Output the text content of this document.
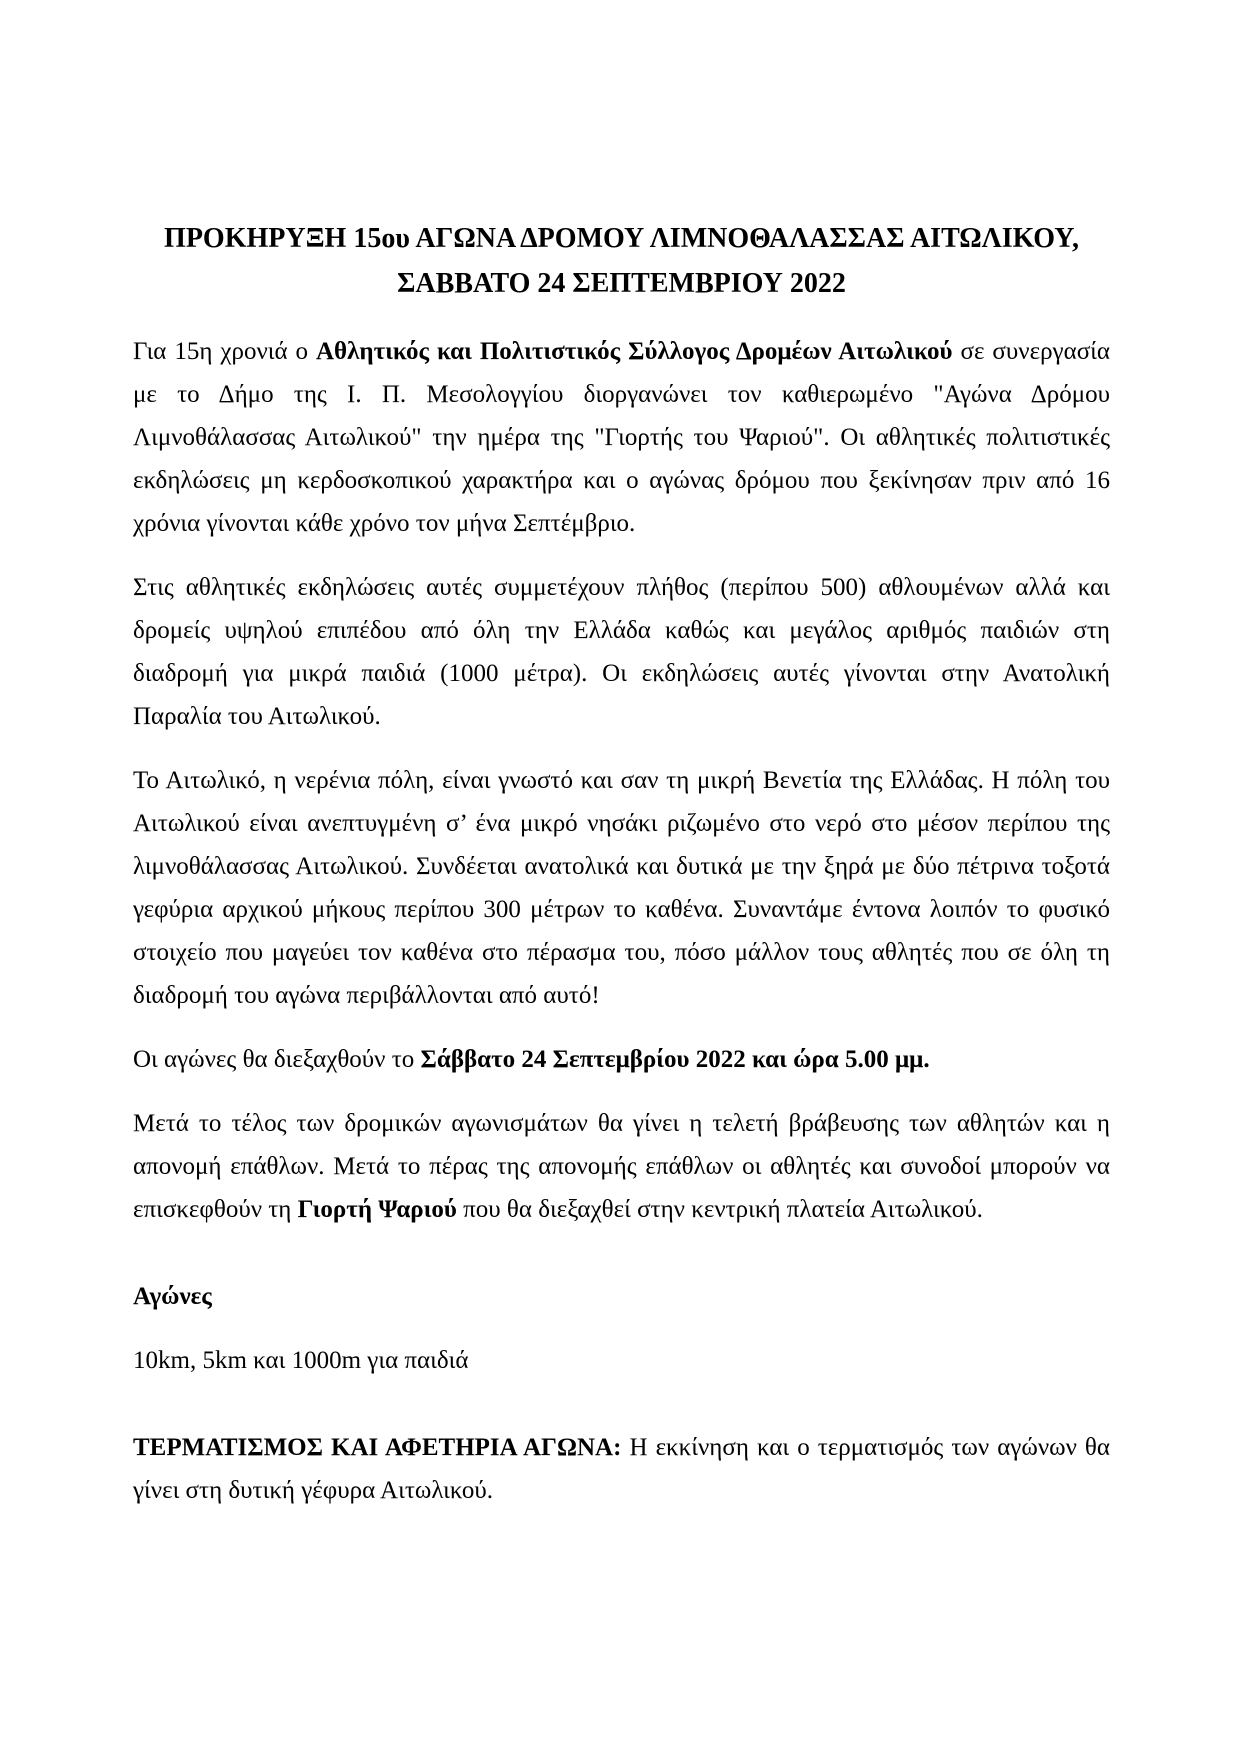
ΠΡΟΚΗΡΥΞΗ 15ου ΑΓΩΝΑ ΔΡΟΜΟΥ ΛΙΜΝΟΘΑΛΑΣΣΑΣ ΑΙΤΩΛΙΚΟΥ,
ΣΑΒΒΑΤΟ 24 ΣΕΠΤΕΜΒΡΙΟΥ 2022

Για 15η χρονιά ο Αθλητικός και Πολιτιστικός Σύλλογος Δρομέων Αιτωλικού σε συνεργασία με το Δήμο της Ι. Π. Μεσολογγίου διοργανώνει τον καθιερωμένο "Αγώνα Δρόμου Λιμνοθάλασσας Αιτωλικού" την ημέρα της "Γιορτής του Ψαριού". Οι αθλητικές πολιτιστικές εκδηλώσεις μη κερδοσκοπικού χαρακτήρα και ο αγώνας δρόμου που ξεκίνησαν πριν από 16 χρόνια γίνονται κάθε χρόνο τον μήνα Σεπτέμβριο.

Στις αθλητικές εκδηλώσεις αυτές συμμετέχουν πλήθος (περίπου 500) αθλουμένων αλλά και δρομείς υψηλού επιπέδου από όλη την Ελλάδα καθώς και μεγάλος αριθμός παιδιών στη διαδρομή για μικρά παιδιά (1000 μέτρα). Οι εκδηλώσεις αυτές γίνονται στην Ανατολική Παραλία του Αιτωλικού.

Το Αιτωλικό, η νερένια πόλη, είναι γνωστό και σαν τη μικρή Βενετία της Ελλάδας. Η πόλη του Αιτωλικού είναι ανεπτυγμένη σ’ ένα μικρό νησάκι ριζωμένο στο νερό στο μέσον περίπου της λιμνοθάλασσας Αιτωλικού. Συνδέεται ανατολικά και δυτικά με την ξηρά με δύο πέτρινα τοξοτά γεφύρια αρχικού μήκους περίπου 300 μέτρων το καθένα. Συναντάμε έντονα λοιπόν το φυσικό στοιχείο που μαγεύει τον καθένα στο πέρασμα του, πόσο μάλλον τους αθλητές που σε όλη τη διαδρομή του αγώνα περιβάλλονται από αυτό!

Οι αγώνες θα διεξαχθούν το Σάββατο 24 Σεπτεμβρίου 2022 και ώρα 5.00 μμ.

Μετά το τέλος των δρομικών αγωνισμάτων θα γίνει η τελετή βράβευσης των αθλητών και η απονομή επάθλων. Μετά το πέρας της απονομής επάθλων οι αθλητές και συνοδοί μπορούν να επισκεφθούν τη Γιορτή Ψαριού που θα διεξαχθεί στην κεντρική πλατεία Αιτωλικού.

Αγώνες

10km, 5km και 1000m για παιδιά

ΤΕΡΜΑΤΙΣΜΟΣ ΚΑΙ ΑΦΕΤΗΡΙΑ ΑΓΩΝΑ: Η εκκίνηση και ο τερματισμός των αγώνων θα γίνει στη δυτική γέφυρα Αιτωλικού.
